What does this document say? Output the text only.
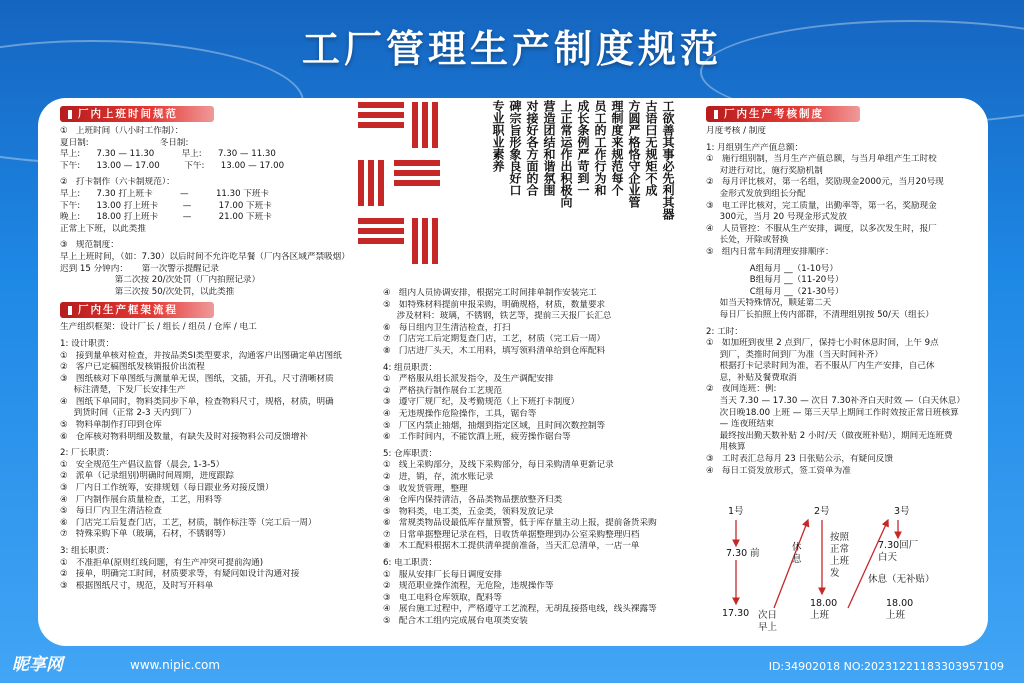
工厂管理生产制度规范
厂内上班时间规范
①   上班时间（八小时工作制）：
夏日制:                          冬日制:
早上:      7.30 — 11.30          早上:      7.30 — 11.30
下午:      13.00 — 17.00         下午:      13.00 — 17.00

②   打卡制作（六卡制规范）：
早上:      7.30 打上班卡          —          11.30 下班卡
下午:      13.00 打上班卡         —          17.00 下班卡
晚上:      18.00 打上班卡         —          21.00 下班卡
正常上下班，以此类推

③   规范制度：
早上上班时间，（如：7.30）以后时间不允许吃早餐（厂内各区域严禁吸烟）
迟到 15 分钟内：     第一次警示提醒记录
第二次按 20/次处罚（厂内拍照记录）
第三次按 50/次处罚，以此类推
厂内生产框架流程
生产组织框架：设计厂长 / 组长 / 组员 / 仓库 / 电工

1: 设计职责：
①   接到量单核对检查，并按品类SI类型要求，沟通客户出图确定单店图纸
②   客户已定稿图纸发核销报价出流程
③   图纸核对下单图纸与测量单无误，图纸，文插，开孔，尺寸清晰材质
标注清楚，下发厂长安排生产
④   图纸下单同时，物料类同步下单，检查物料尺寸，规格，材质，明确
到货时间（正常 2-3 天内到厂）
⑤   物料单制作打印到仓库
⑥   仓库核对物料明细及数量，有缺失及时对接物料公司反馈增补

2: 厂长职责：
①   安全规范生产倡议监督（晨会, 1-3-5）
②   派单（记录组别)明确时间周期，进度跟踪
③   厂内日工作统筹，安排规划（每日跟业务对接反馈）
④   厂内制作展台质量检查，工艺，用料等
⑤   每日厂内卫生清洁检查
⑥   门店完工后复查门店，工艺，材质，制作标注等（完工后一周）
⑦   特殊采购下单（玻璃，石材，不锈钢等）

3: 组长职责：
①   不准拒单(原则红线问题，有生产冲突可提前沟通)
②   接单，明确完工时间，材质要求等，有疑问如设计沟通对接
③   根据图纸尺寸，规范，及时写开料单
工欲善其事必先利其器
古语曰无规矩不成
方圆严格恪守企业管
理制度来规范每个
员工的工作行为和
成长条例严苛到一
上正常运作出积极向
营造团结和谐氛围
对接好各方面的合
碑宗旨形象良好口
专业职业素养
④   组内人员协调安排，根据完工时间排单制作安装完工
⑤   如特殊材料提前申报采购，明确规格，材质，数量要求
涉及材料：玻璃，不锈钢，铁艺等，提前三天报厂长汇总
⑥   每日组内卫生清洁检查，打扫
⑦   门店完工后定期复查门店，工艺，材质（完工后一周）
⑧   门店进厂头天，木工用料，填写领料清单给到仓库配料

4: 组员职责：
①   严格服从组长派发指令，及生产调配安排
②   严格执行制作展台工艺规范
③   遵守厂规厂纪，及考勤规范（上下班打卡制度）
④   无违规操作危险操作，工具，锯台等
⑤   厂区内禁止抽烟，抽烟到指定区域，且时间次数控制等
⑥   工作时间内，不能饮酒上班，疲劳操作锯台等

5: 仓库职责：
①   线上采购部分，及线下采购部分，每日采购清单更新记录
②   进，销，存，流水账记录
③   收发货管理，整理
④   仓库内保持清洁，各品类物品摆放整齐归类
⑤   物料类，电工类，五金类，领料发放记录
⑥   常规类物品设最低库存量预警，低于库存量主动上报，提前备货采购
⑦   日常单据整理记录在档，日收货单据整理到办公室采购整理归档
⑧   木工配料根据木工提供清单提前准备，当天汇总清单，一店一单

6: 电工职责：
①   服从安排厂长每日调度安排
②   规范职业操作流程，无危险，违规操作等
③   电工电料仓库领取，配料等
④   展台施工过程中，严格遵守工艺流程，无胡乱接搭电线，线头裸露等
⑤   配合木工组内完成展台电项类安装
厂内生产考核制度
月度考核 / 制度

1: 月组别生产产值总额：
①   施行组别制，当月生产产值总额，与当月单组产生工时校
对进行对比，施行奖励机制
②   每月评比核对，第一名组，奖励现金2000元，当月20号现
金形式发放到组长分配
③   电工评比核对，完工质量，出勤率等，第一名，奖励现金
300元，当月 20 号现金形式发放
④   人员管控：不服从生产安排，调度，以多次发生时，报厂
长处，开除或替换
⑤   组内日常车间清理安排顺序：

A组每月 __（1-10号）
B组每月 __（11-20号）
C组每月 __（21-30号）
如当天特殊情况，顺延第二天
每日厂长拍照上传内部群，不清理组别按 50/天（组长）

2: 工时：
①   如加班到夜里 2 点到厂，保持七小时休息时间，上午 9点
到厂，类推时间到厂为准（当天时间补齐）
根据打卡记录时间为准，若不服从厂内生产安排，自己休
息，补贴及餐费取消
②   夜间连班：例:
当天 7.30 — 17.30 — 次日 7.30补齐白天时效 —（白天休息）
次日晚18.00 上班 — 第三天早上期间工作时效按正常日班核算
— 连夜班结束
最终按出勤天数补贴 2 小时/天（做夜班补贴），期间无连班费
用核算
③   工时表汇总每月 23 日张贴公示，有疑问反馈
④   每日工资发放形式，签工资单为准
1号
7.30 前
17.30 次日
早上
2号
休
息
按照
正常
上班
发
18.00
上班
3号
7.30回厂
白天
休息（无补贴）
18.00
上班
昵享网	www.nipic.com	ID:34902018 NO:20231221183303957109
